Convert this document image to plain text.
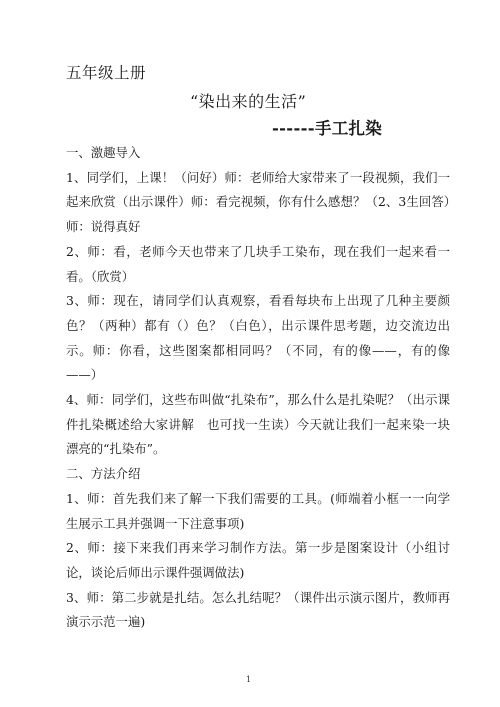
五年级上册
“染出来的生活”
------手工扎染

一、激趣导入

1、同学们，上课！（问好）师：老师给大家带来了一段视频，我们一起来欣赏（出示课件）师：看完视频，你有什么感想？（2、3生回答）师：说得真好

2、师：看，老师今天也带来了几块手工染布，现在我们一起来看一看。（欣赏）

3、师：现在，请同学们认真观察，看看每块布上出现了几种主要颜色？（两种）都有（）色？（白色），出示课件思考题，边交流边出示。师：你看，这些图案都相同吗？（不同，有的像——，有的像——）

4、师：同学们，这些布叫做“扎染布”，那么什么是扎染呢？（出示课件扎染概述给大家讲解　也可找一生读）今天就让我们一起来染一块漂亮的“扎染布”。

二、方法介绍

1、师：首先我们来了解一下我们需要的工具。(师端着小框一一向学生展示工具并强调一下注意事项)

2、师：接下来我们再来学习制作方法。第一步是图案设计（小组讨论，谈论后师出示课件强调做法)

3、师：第二步就是扎结。怎么扎结呢？（课件出示演示图片，教师再演示示范一遍)

1
